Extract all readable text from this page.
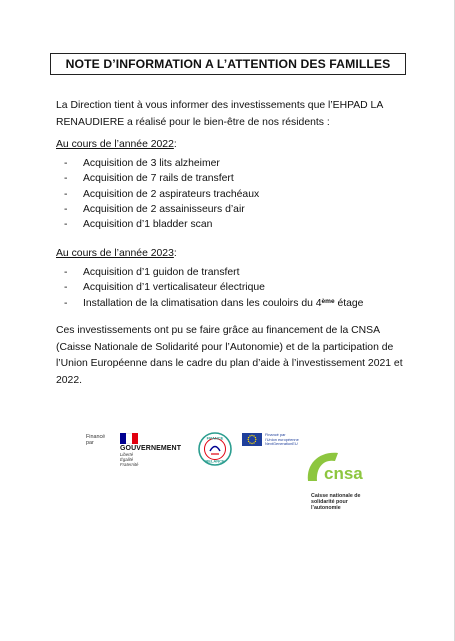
NOTE D’INFORMATION A L’ATTENTION DES FAMILLES
La Direction tient à vous informer des investissements que l’EHPAD LA RENAUDIERE a réalisé pour le bien-être de nos résidents :
Au cours de l’année 2022:
-	Acquisition de 3 lits alzheimer
-	Acquisition de 7 rails de transfert
-	Acquisition de 2 aspirateurs trachéaux
-	Acquisition de 2 assainisseurs d’air
-	Acquisition d’1 bladder scan
Au cours de l’année 2023:
-	Acquisition d’1 guidon de transfert
-	Acquisition d’1 verticalisateur électrique
-	Installation de la climatisation dans les couloirs du 4ème étage
Ces investissements ont pu se faire grâce au financement de la CNSA (Caisse Nationale de Solidarité pour l’Autonomie) et de la participation de l’Union Européenne dans le cadre du plan d’aide à l’investissement 2021 et 2022.
Financé
par
GOUVERNEMENT
Liberté
Égalité
Fraternité
FRANCE
RELANCE
Financé par
l’Union européenne
NextGenerationEU
cnsa
Caisse nationale de
solidarité pour l’autonomie
